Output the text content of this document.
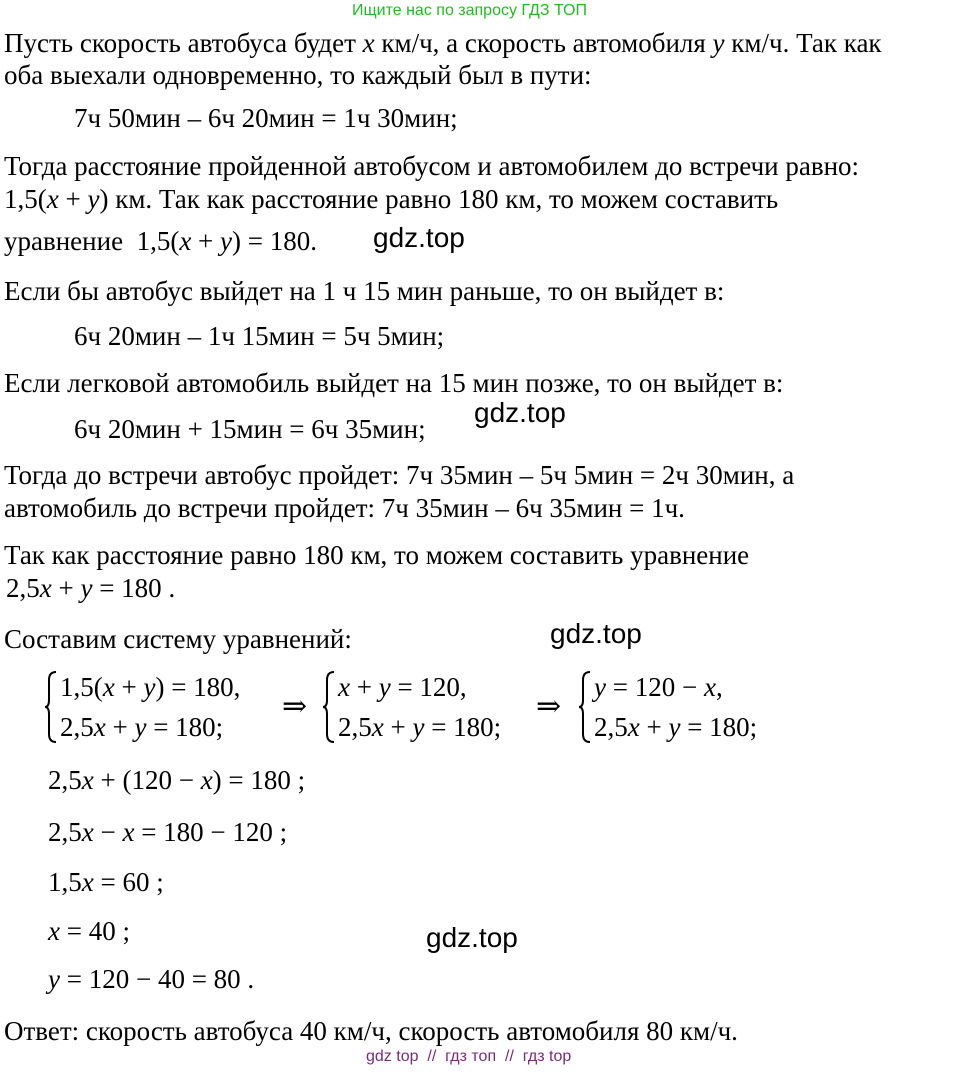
Ищите нас по запросу ГДЗ ТОП
Пусть скорость автобуса будет x км/ч, а скорость автомобиля y км/ч. Так как
оба выехали одновременно, то каждый был в пути:
7ч 50мин – 6ч 20мин = 1ч 30мин;
Тогда расстояние пройденной автобусом и автомобилем до встречи равно:
1,5(x + y) км. Так как расстояние равно 180 км, то можем составить
уравнение  1,5(x + y) = 180. gdz.top
Если бы автобус выйдет на 1 ч 15 мин раньше, то он выйдет в:
6ч 20мин – 1ч 15мин = 5ч 5мин;
Если легковой автомобиль выйдет на 15 мин позже, то он выйдет в:
6ч 20мин + 15мин = 6ч 35мин;
gdz.top
Тогда до встречи автобус пройдет: 7ч 35мин – 5ч 5мин = 2ч 30мин, а
автомобиль до встречи пройдет: 7ч 35мин – 6ч 35мин = 1ч.
Так как расстояние равно 180 км, то можем составить уравнение
2,5x + y = 180 .
Составим систему уравнений:	gdz.top
1,5(x + y) = 180,
2,5x + y = 180;
⇒
x + y = 120,
2,5x + y = 180;
⇒
y = 120 − x,
2,5x + y = 180;
2,5x + (120 − x) = 180 ;
2,5x − x = 180 − 120 ;
1,5x = 60 ;
x = 40 ;	gdz.top
y = 120 − 40 = 80 .
Ответ: скорость автобуса 40 км/ч, скорость автомобиля 80 км/ч.
gdz top  //  гдз топ  //  гдз top
